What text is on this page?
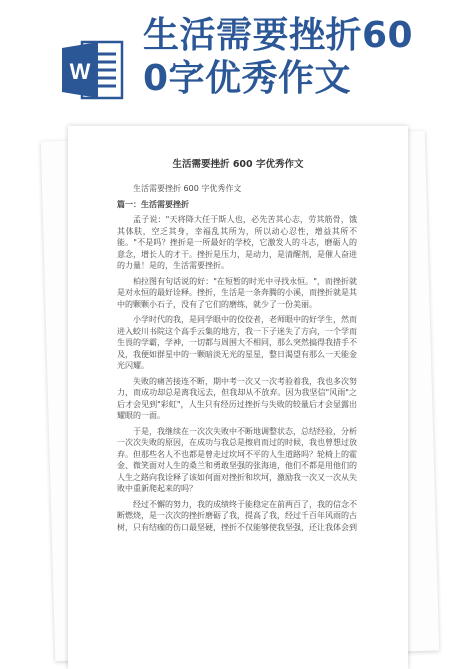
W
生活需要挫折60
0字优秀作文
生活需要挫折 600 字优秀作文
生活需要挫折 600 字优秀作文
篇一：生活需要挫折

孟子说："天将降大任于斯人也，必先苦其心志，劳其筋骨，饿其体肤，空乏其身，幸福乱其所为，所以动心忍性，增益其所不能。"不是吗？挫折是一所最好的学校，它激发人的斗志，磨砺人的意念，增长人的才干。挫折是压力，是动力，是清醒剂，是催人奋进的力量！是的，生活需要挫折。

柏拉图有句话说的好："在短暂的时光中寻找永恒。"，而挫折就是对永恒的最好诠释。挫折，生活是一条奔腾的小溪，而挫折就是其中的颗颗小石子，没有了它们的磨练，就少了一份美丽。

小学时代的我，是同学眼中的佼佼者，老师眼中的好学生，然而进入蛟川书院这个高手云集的地方，我一下子迷失了方向，一个学而生畏的学霸，学神，一切都与周围大不相同，那么突然搞得我措手不及，我便如群星中的一颗暗淡无光的星星，整日渴望有那么一天能金光闪耀。

失败的痛苦接连不断，期中考一次又一次考验着我，我也多次努力，而成功却总是离我远去，但我却从不放弃。因为我坚信"风雨"之后才会见到"彩虹"，人生只有经历过挫折与失败的较量后才会显露出耀眼的一面。

于是，我继续在一次次失败中不断地调整状态，总结经验，分析一次次失败的原因，在成功与我总是擦肩而过的时候，我也曾想过放弃。但那些名人不也都是曾走过坎坷不平的人生道路吗？轮椅上的霍金、微笑面对人生的桑兰和勇敢坚强的张海迪，他们不都是用他们的人生之路向我诠释了该如何面对挫折和坎坷，激励我一次又一次从失败中重新爬起来的吗？

经过不懈的努力，我的成绩终于能稳定在前两百了，我的信念不断燃烧，是一次次的挫折磨砺了我，提高了我，经过千百年风雨的古树，只有结痂的伤口最坚硬，挫折不仅能够使我坚强，还让我体会到
